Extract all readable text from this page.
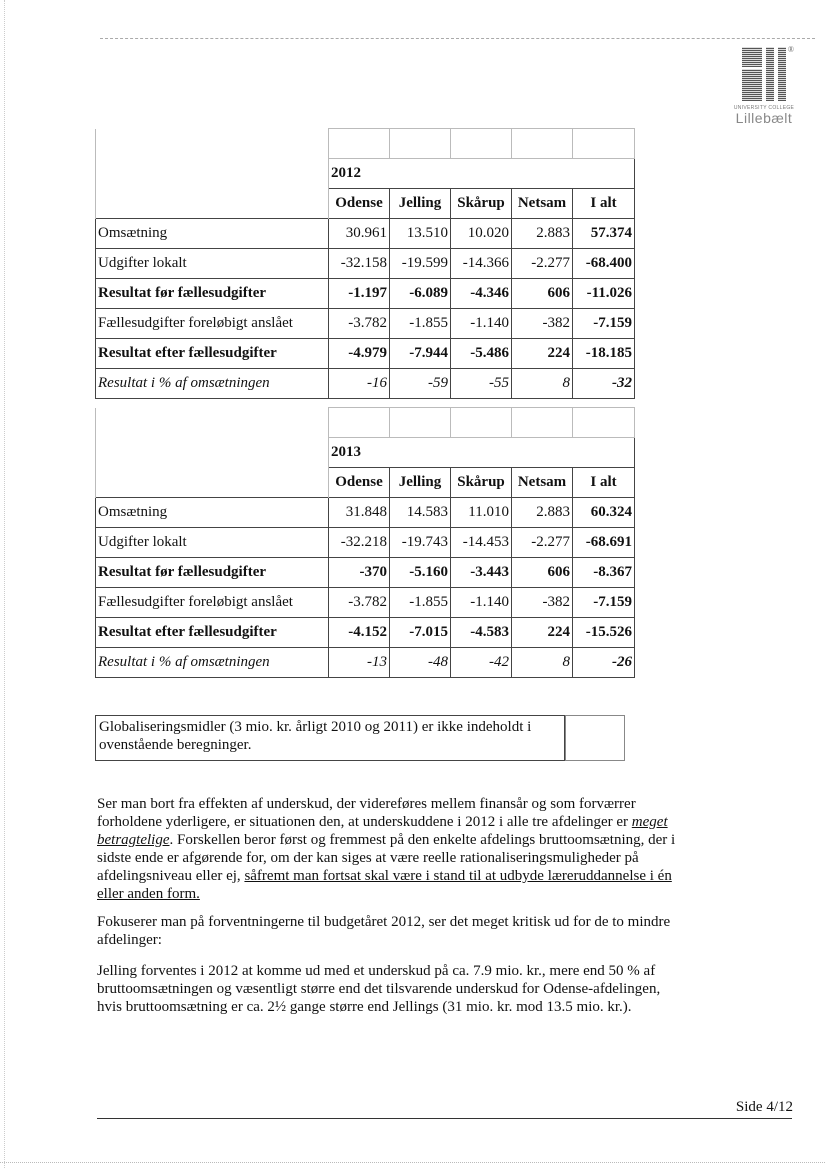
®
UNIVERSITY COLLEGE
Lillebælt

	2012				
	Odense	Jelling	Skårup	Netsam	I alt
Omsætning	30.961	13.510	10.020	2.883	57.374
Udgifter lokalt	-32.158	-19.599	-14.366	-2.277	-68.400
Resultat før fællesudgifter	-1.197	-6.089	-4.346	606	-11.026
Fællesudgifter foreløbigt anslået	-3.782	-1.855	-1.140	-382	-7.159
Resultat efter fællesudgifter	-4.979	-7.944	-5.486	224	-18.185
Resultat i % af omsætningen	-16	-59	-55	8	-32

	2013				
	Odense	Jelling	Skårup	Netsam	I alt
Omsætning	31.848	14.583	11.010	2.883	60.324
Udgifter lokalt	-32.218	-19.743	-14.453	-2.277	-68.691
Resultat før fællesudgifter	-370	-5.160	-3.443	606	-8.367
Fællesudgifter foreløbigt anslået	-3.782	-1.855	-1.140	-382	-7.159
Resultat efter fællesudgifter	-4.152	-7.015	-4.583	224	-15.526
Resultat i % af omsætningen	-13	-48	-42	8	-26
Globaliseringsmidler (3 mio. kr. årligt 2010 og 2011) er ikke indeholdt i ovenstående beregninger.

Ser man bort fra effekten af underskud, der videreføres mellem finansår og som forværrer forholdene yderligere, er situationen den, at underskuddene i 2012 i alle tre afdelinger er meget betragtelige. Forskellen beror først og fremmest på den enkelte afdelings bruttoomsætning, der i sidste ende er afgørende for, om der kan siges at være reelle rationaliseringsmuligheder på afdelingsniveau eller ej, såfremt man fortsat skal være i stand til at udbyde læreruddannelse i én eller anden form.

Fokuserer man på forventningerne til budgetåret 2012, ser det meget kritisk ud for de to mindre afdelinger:

Jelling forventes i 2012 at komme ud med et underskud på ca. 7.9 mio. kr., mere end 50 % af bruttoomsætningen og væsentligt større end det tilsvarende underskud for Odense-afdelingen, hvis bruttoomsætning er ca. 2½ gange større end Jellings (31 mio. kr. mod 13.5 mio. kr.).

Side 4/12
